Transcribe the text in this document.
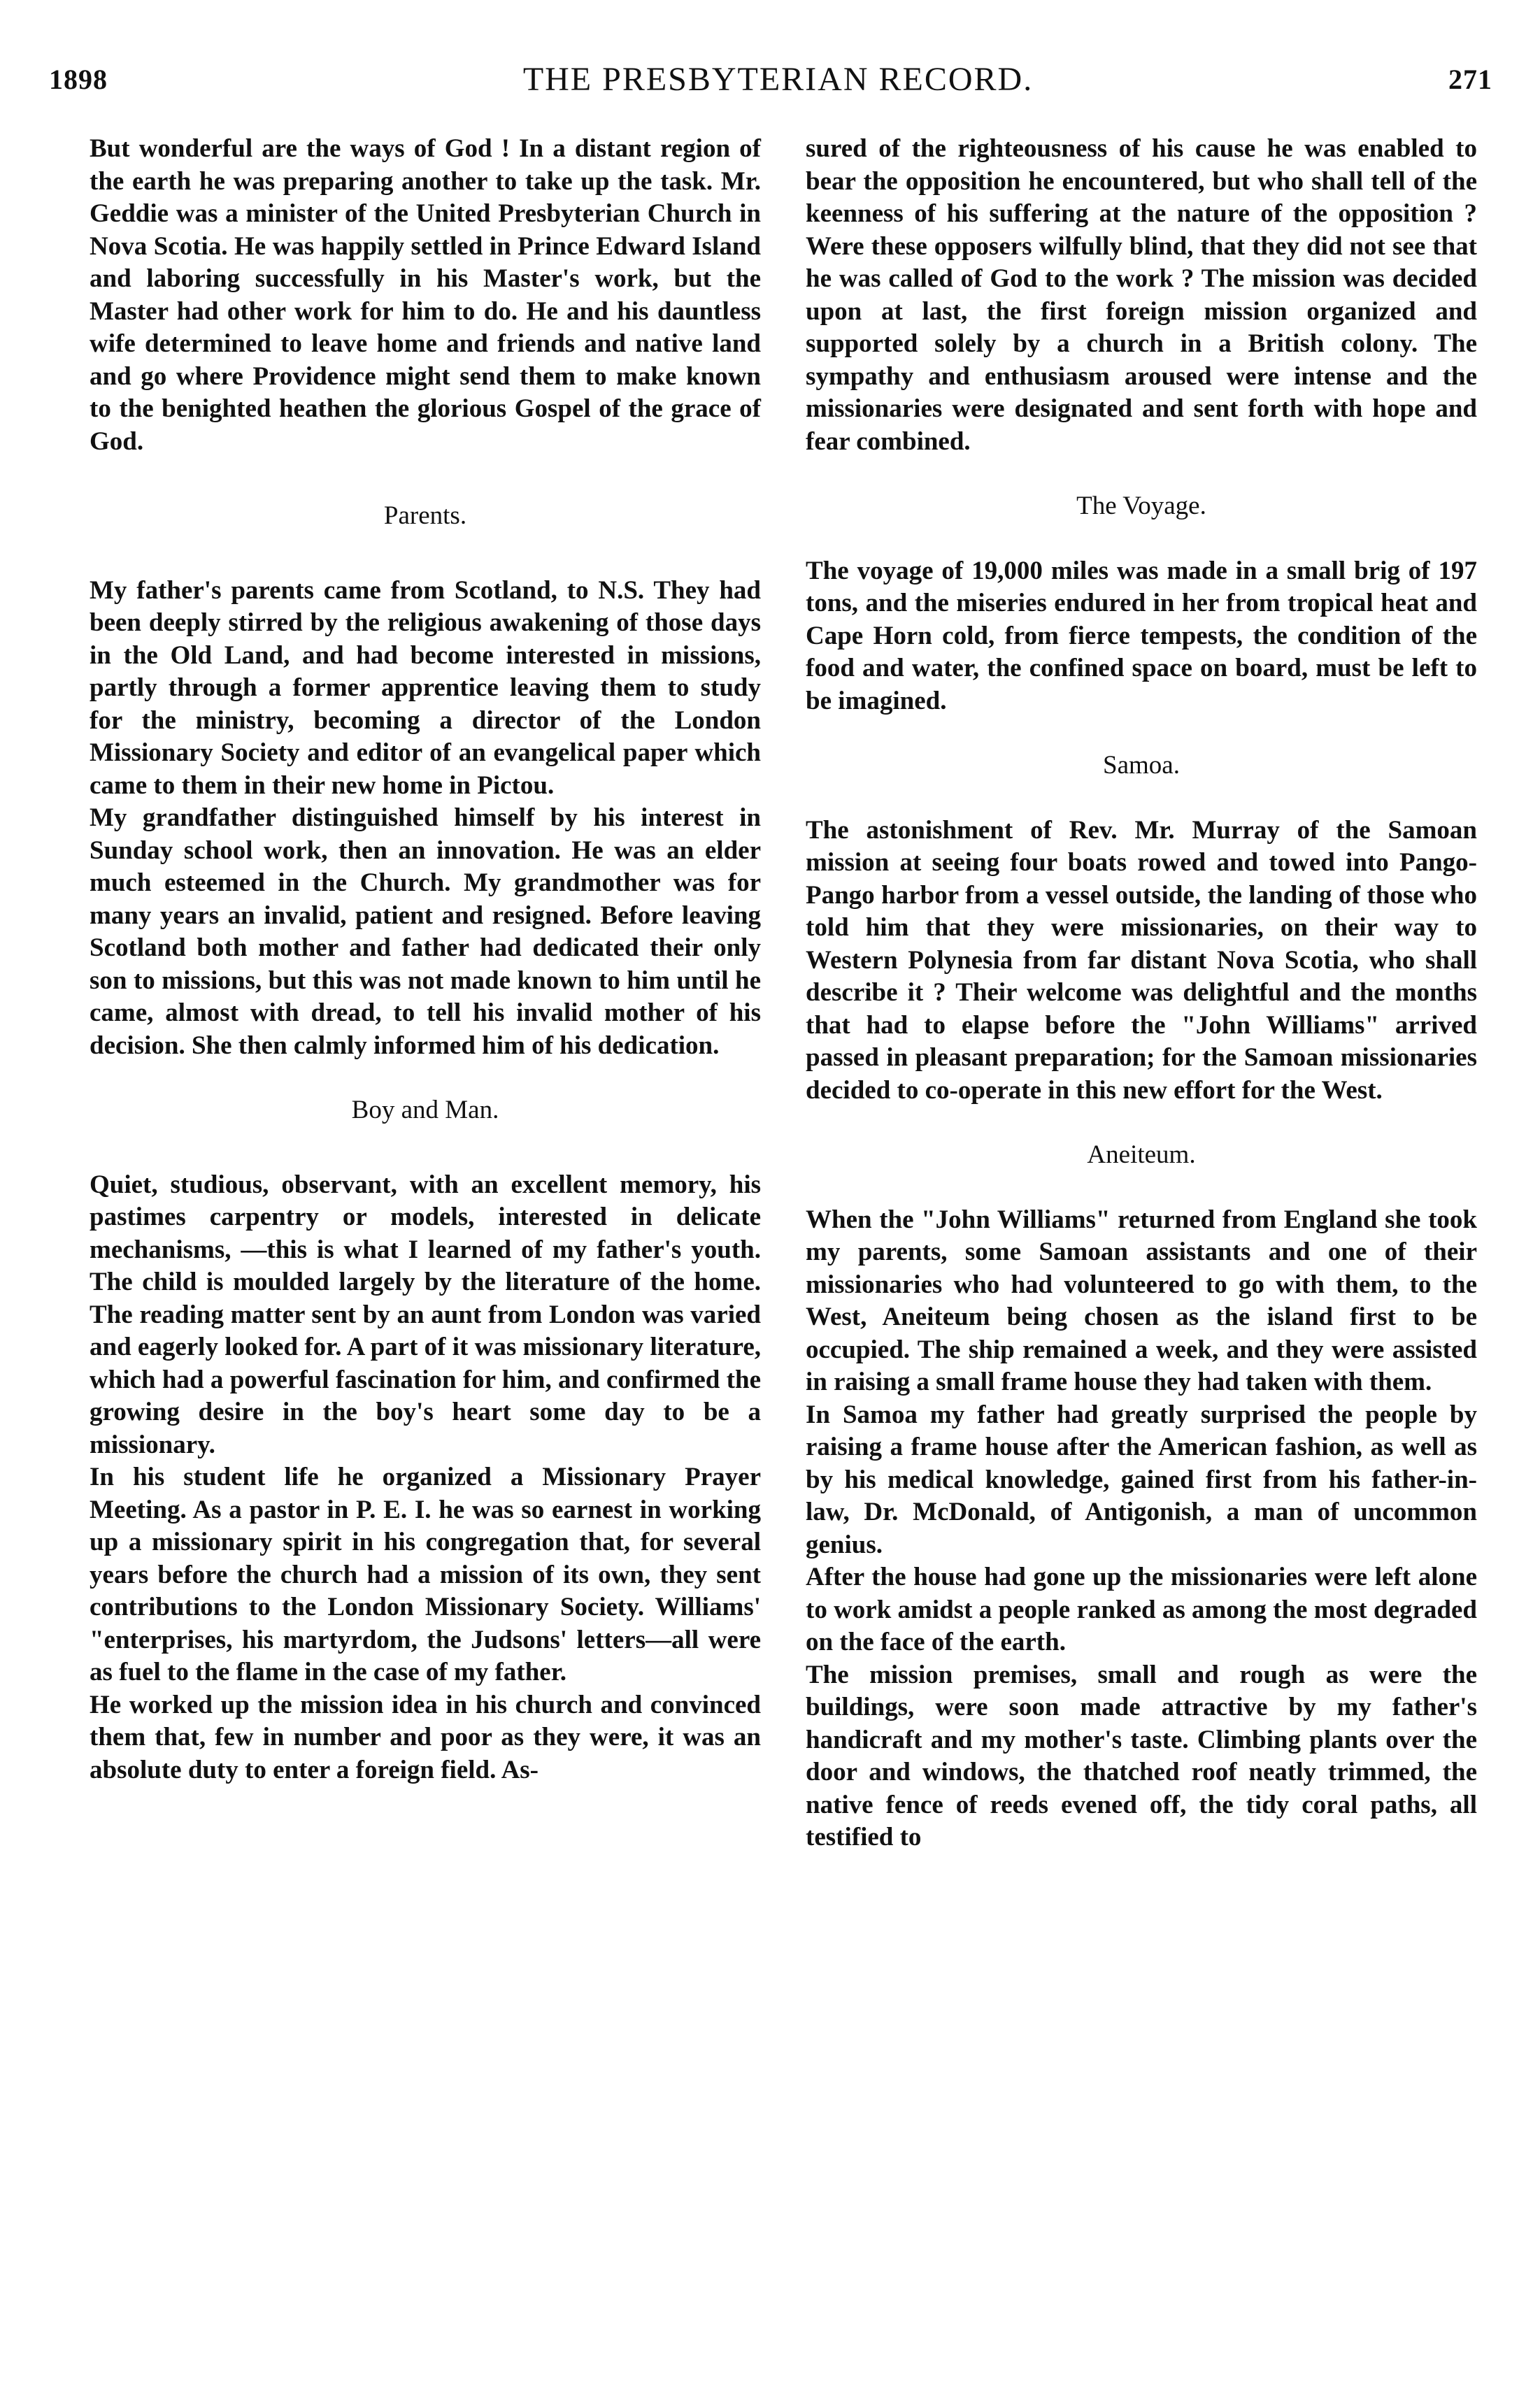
1898	THE PRESBYTERIAN RECORD.	271

But wonderful are the ways of God ! In a distant region of the earth he was preparing another to take up the task. Mr. Geddie was a minister of the United Presbyterian Church in Nova Scotia. He was happily settled in Prince Edward Island and laboring successfully in his Master's work, but the Master had other work for him to do. He and his dauntless wife determined to leave home and friends and native land and go where Providence might send them to make known to the benighted heathen the glorious Gospel of the grace of God.

Parents.

My father's parents came from Scotland, to N.S. They had been deeply stirred by the religious awakening of those days in the Old Land, and had become interested in missions, partly through a former apprentice leaving them to study for the ministry, becoming a director of the London Missionary Society and editor of an evangelical paper which came to them in their new home in Pictou.

My grandfather distinguished himself by his interest in Sunday school work, then an innovation. He was an elder much esteemed in the Church. My grandmother was for many years an invalid, patient and resigned. Before leaving Scotland both mother and father had dedicated their only son to missions, but this was not made known to him until he came, almost with dread, to tell his invalid mother of his decision. She then calmly informed him of his dedication.

Boy and Man.

Quiet, studious, observant, with an excellent memory, his pastimes carpentry or models, interested in delicate mechanisms, —this is what I learned of my father's youth. The child is moulded largely by the literature of the home. The reading matter sent by an aunt from London was varied and eagerly looked for. A part of it was missionary literature, which had a powerful fascination for him, and confirmed the growing desire in the boy's heart some day to be a missionary.

In his student life he organized a Missionary Prayer Meeting. As a pastor in P. E. I. he was so earnest in working up a missionary spirit in his congregation that, for several years before the church had a mission of its own, they sent contributions to the London Missionary Society. Williams' "enterprises, his martyrdom, the Judsons' letters—all were as fuel to the flame in the case of my father.

He worked up the mission idea in his church and convinced them that, few in number and poor as they were, it was an absolute duty to enter a foreign field. As-

sured of the righteousness of his cause he was enabled to bear the opposition he encountered, but who shall tell of the keenness of his suffering at the nature of the opposition ? Were these opposers wilfully blind, that they did not see that he was called of God to the work ? The mission was decided upon at last, the first foreign mission organized and supported solely by a church in a British colony. The sympathy and enthusiasm aroused were intense and the missionaries were designated and sent forth with hope and fear combined.

The Voyage.

The voyage of 19,000 miles was made in a small brig of 197 tons, and the miseries endured in her from tropical heat and Cape Horn cold, from fierce tempests, the condition of the food and water, the confined space on board, must be left to be imagined.

Samoa.

The astonishment of Rev. Mr. Murray of the Samoan mission at seeing four boats rowed and towed into Pango-Pango harbor from a vessel outside, the landing of those who told him that they were missionaries, on their way to Western Polynesia from far distant Nova Scotia, who shall describe it ? Their welcome was delightful and the months that had to elapse before the "John Williams" arrived passed in pleasant preparation; for the Samoan missionaries decided to co-operate in this new effort for the West.

Aneiteum.

When the "John Williams" returned from England she took my parents, some Samoan assistants and one of their missionaries who had volunteered to go with them, to the West, Aneiteum being chosen as the island first to be occupied. The ship remained a week, and they were assisted in raising a small frame house they had taken with them.

In Samoa my father had greatly surprised the people by raising a frame house after the American fashion, as well as by his medical knowledge, gained first from his father-in-law, Dr. McDonald, of Antigonish, a man of uncommon genius.

After the house had gone up the missionaries were left alone to work amidst a people ranked as among the most degraded on the face of the earth.

The mission premises, small and rough as were the buildings, were soon made attractive by my father's handicraft and my mother's taste. Climbing plants over the door and windows, the thatched roof neatly trimmed, the native fence of reeds evened off, the tidy coral paths, all testified to
